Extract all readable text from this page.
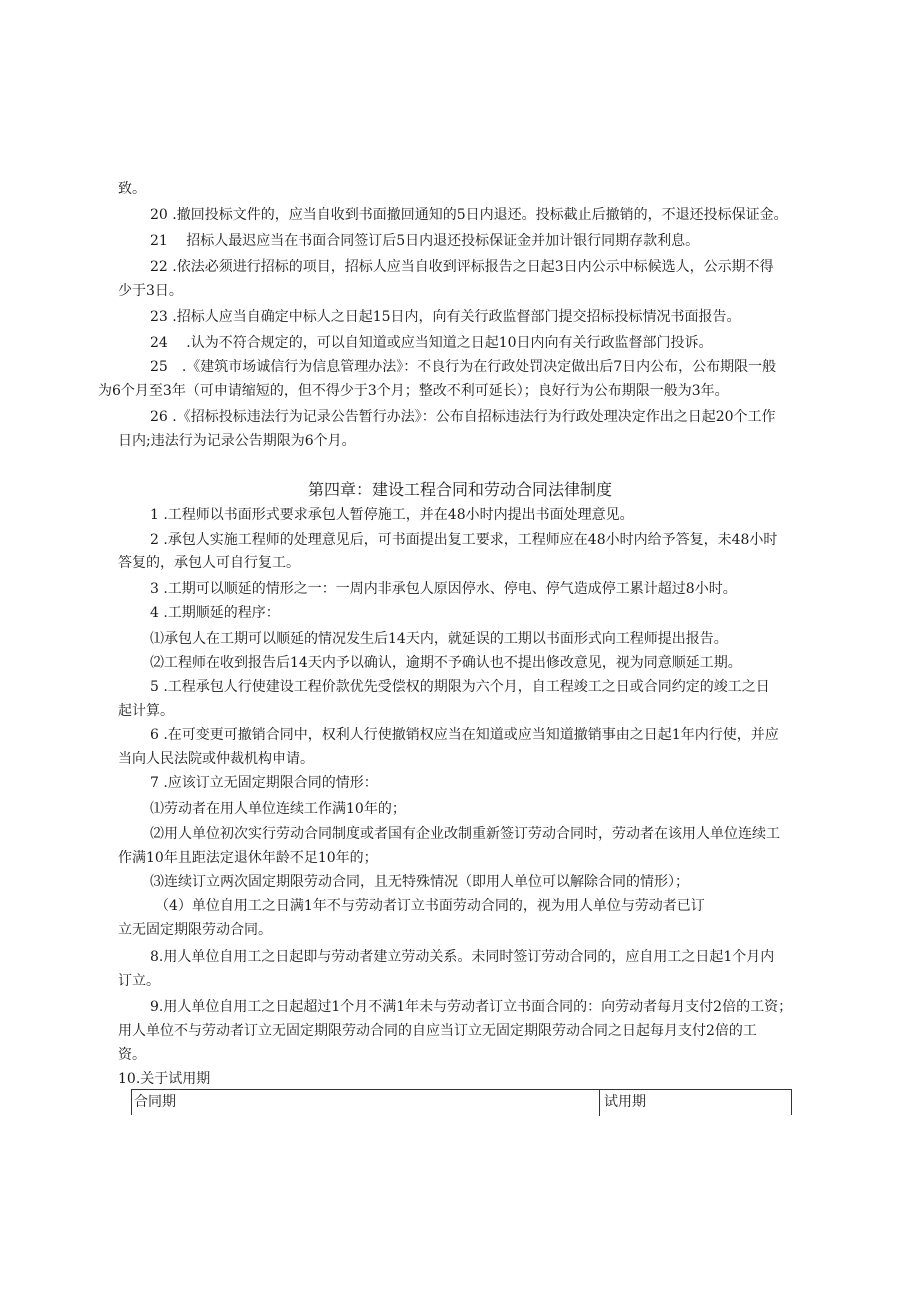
致。

20 .撤回投标文件的，应当自收到书面撤回通知的5日内退还。投标截止后撤销的，不退还投标保证金。

21　 招标人最迟应当在书面合同签订后5日内退还投标保证金并加计银行同期存款利息。

22 .依法必须进行招标的项目，招标人应当自收到评标报告之日起3日内公示中标候选人，公示期不得

少于3日。

23 .招标人应当自确定中标人之日起15日内，向有关行政监督部门提交招标投标情况书面报告。

24　 .认为不符合规定的，可以自知道或应当知道之日起10日内向有关行政监督部门投诉。

25　.《建筑市场诚信行为信息管理办法》：不良行为在行政处罚决定做出后7日内公布，公布期限一般

为6个月至3年（可申请缩短的，但不得少于3个月；整改不利可延长）；良好行为公布期限一般为3年。

26 .《招标投标违法行为记录公告暂行办法》：公布自招标违法行为行政处理决定作出之日起20个工作

日内;违法行为记录公告期限为6个月。

第四章：建设工程合同和劳动合同法律制度

1 .工程师以书面形式要求承包人暂停施工，并在48小时内提出书面处理意见。

2 .承包人实施工程师的处理意见后，可书面提出复工要求，工程师应在48小时内给予答复，未48小时

答复的，承包人可自行复工。

3 .工期可以顺延的情形之一：一周内非承包人原因停水、停电、停气造成停工累计超过8小时。

4 .工期顺延的程序：

⑴承包人在工期可以顺延的情况发生后14天内，就延误的工期以书面形式向工程师提出报告。

⑵工程师在收到报告后14天内予以确认，逾期不予确认也不提出修改意见，视为同意顺延工期。

5 .工程承包人行使建设工程价款优先受偿权的期限为六个月，自工程竣工之日或合同约定的竣工之日

起计算。

6 .在可变更可撤销合同中，权利人行使撤销权应当在知道或应当知道撤销事由之日起1年内行使，并应

当向人民法院或仲裁机构申请。

7 .应该订立无固定期限合同的情形：

⑴劳动者在用人单位连续工作满10年的；

⑵用人单位初次实行劳动合同制度或者国有企业改制重新签订劳动合同时，劳动者在该用人单位连续工

作满10年且距法定退休年龄不足10年的；

⑶连续订立两次固定期限劳动合同，且无特殊情况（即用人单位可以解除合同的情形）；

（4）单位自用工之日满1年不与劳动者订立书面劳动合同的，视为用人单位与劳动者已订

立无固定期限劳动合同。

8.用人单位自用工之日起即与劳动者建立劳动关系。未同时签订劳动合同的，应自用工之日起1个月内

订立。

9.用人单位自用工之日起超过1个月不满1年未与劳动者订立书面合同的：向劳动者每月支付2倍的工资；

用人单位不与劳动者订立无固定期限劳动合同的自应当订立无固定期限劳动合同之日起每月支付2倍的工

资。

10.关于试用期

合同期	试用期
